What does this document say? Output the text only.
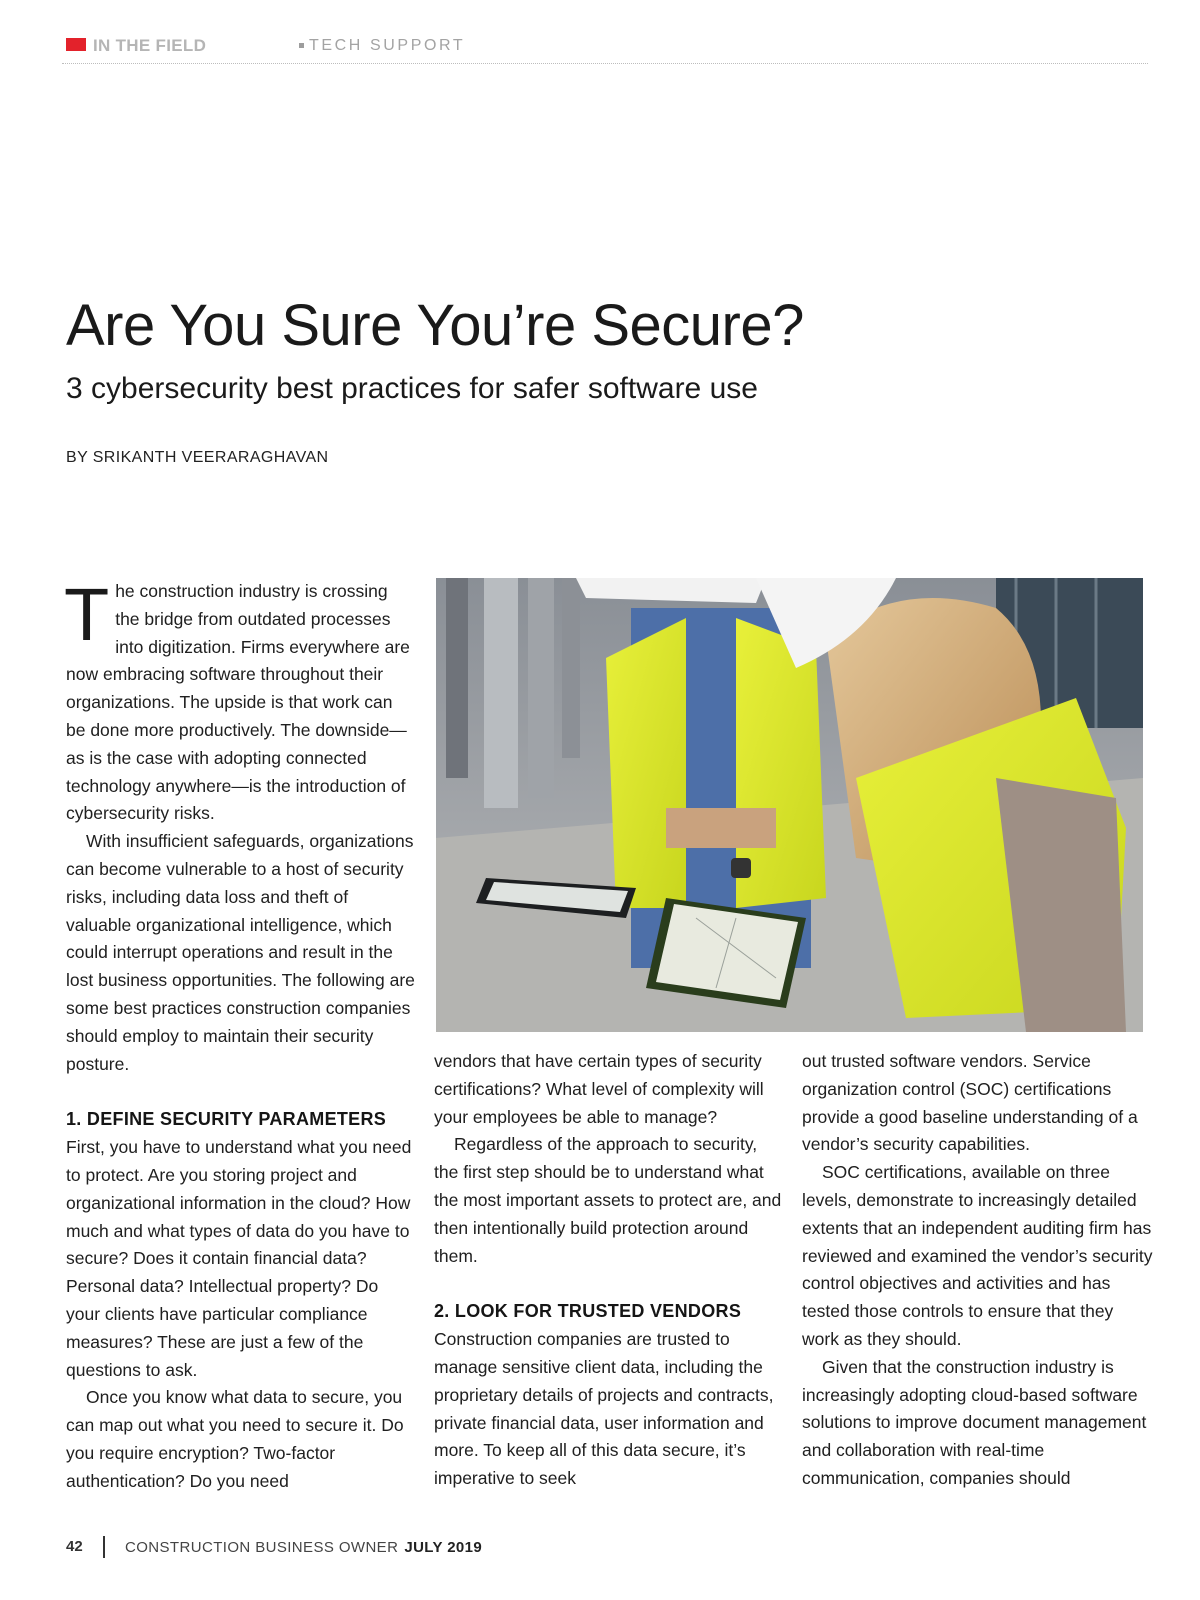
IN THE FIELD	TECH SUPPORT
Are You Sure You’re Secure?
3 cybersecurity best practices for safer software use
BY SRIKANTH VEERARAGHAVAN

The construction industry is crossing the bridge from outdated processes into digitization. Firms everywhere are now embracing software throughout their organizations. The upside is that work can be done more productively. The downside—as is the case with adopting connected technology anywhere—is the introduction of cybersecurity risks.

With insufficient safeguards, organizations can become vulnerable to a host of security risks, including data loss and theft of valuable organizational intelligence, which could interrupt operations and result in the lost business opportunities. The following are some best practices construction companies should employ to maintain their security posture.

1. DEFINE SECURITY PARAMETERS

First, you have to understand what you need to protect. Are you storing project and organizational information in the cloud? How much and what types of data do you have to secure? Does it contain financial data? Personal data? Intellectual property? Do your clients have particular compliance measures? These are just a few of the questions to ask.

Once you know what data to secure, you can map out what you need to secure it. Do you require encryption? Two-factor authentication? Do you need

vendors that have certain types of security certifications? What level of complexity will your employees be able to manage?

Regardless of the approach to security, the first step should be to understand what the most important assets to protect are, and then intentionally build protection around them.

2. LOOK FOR TRUSTED VENDORS

Construction companies are trusted to manage sensitive client data, including the proprietary details of projects and contracts, private financial data, user information and more. To keep all of this data secure, it’s imperative to seek

out trusted software vendors. Service organization control (SOC) certifications provide a good baseline understanding of a vendor’s security capabilities.

SOC certifications, available on three levels, demonstrate to increasingly detailed extents that an independent auditing firm has reviewed and examined the vendor’s security control objectives and activities and has tested those controls to ensure that they work as they should.

Given that the construction industry is increasingly adopting cloud-based software solutions to improve document management and collaboration with real-time communication, companies should

42	CONSTRUCTION BUSINESS OWNER JULY 2019
